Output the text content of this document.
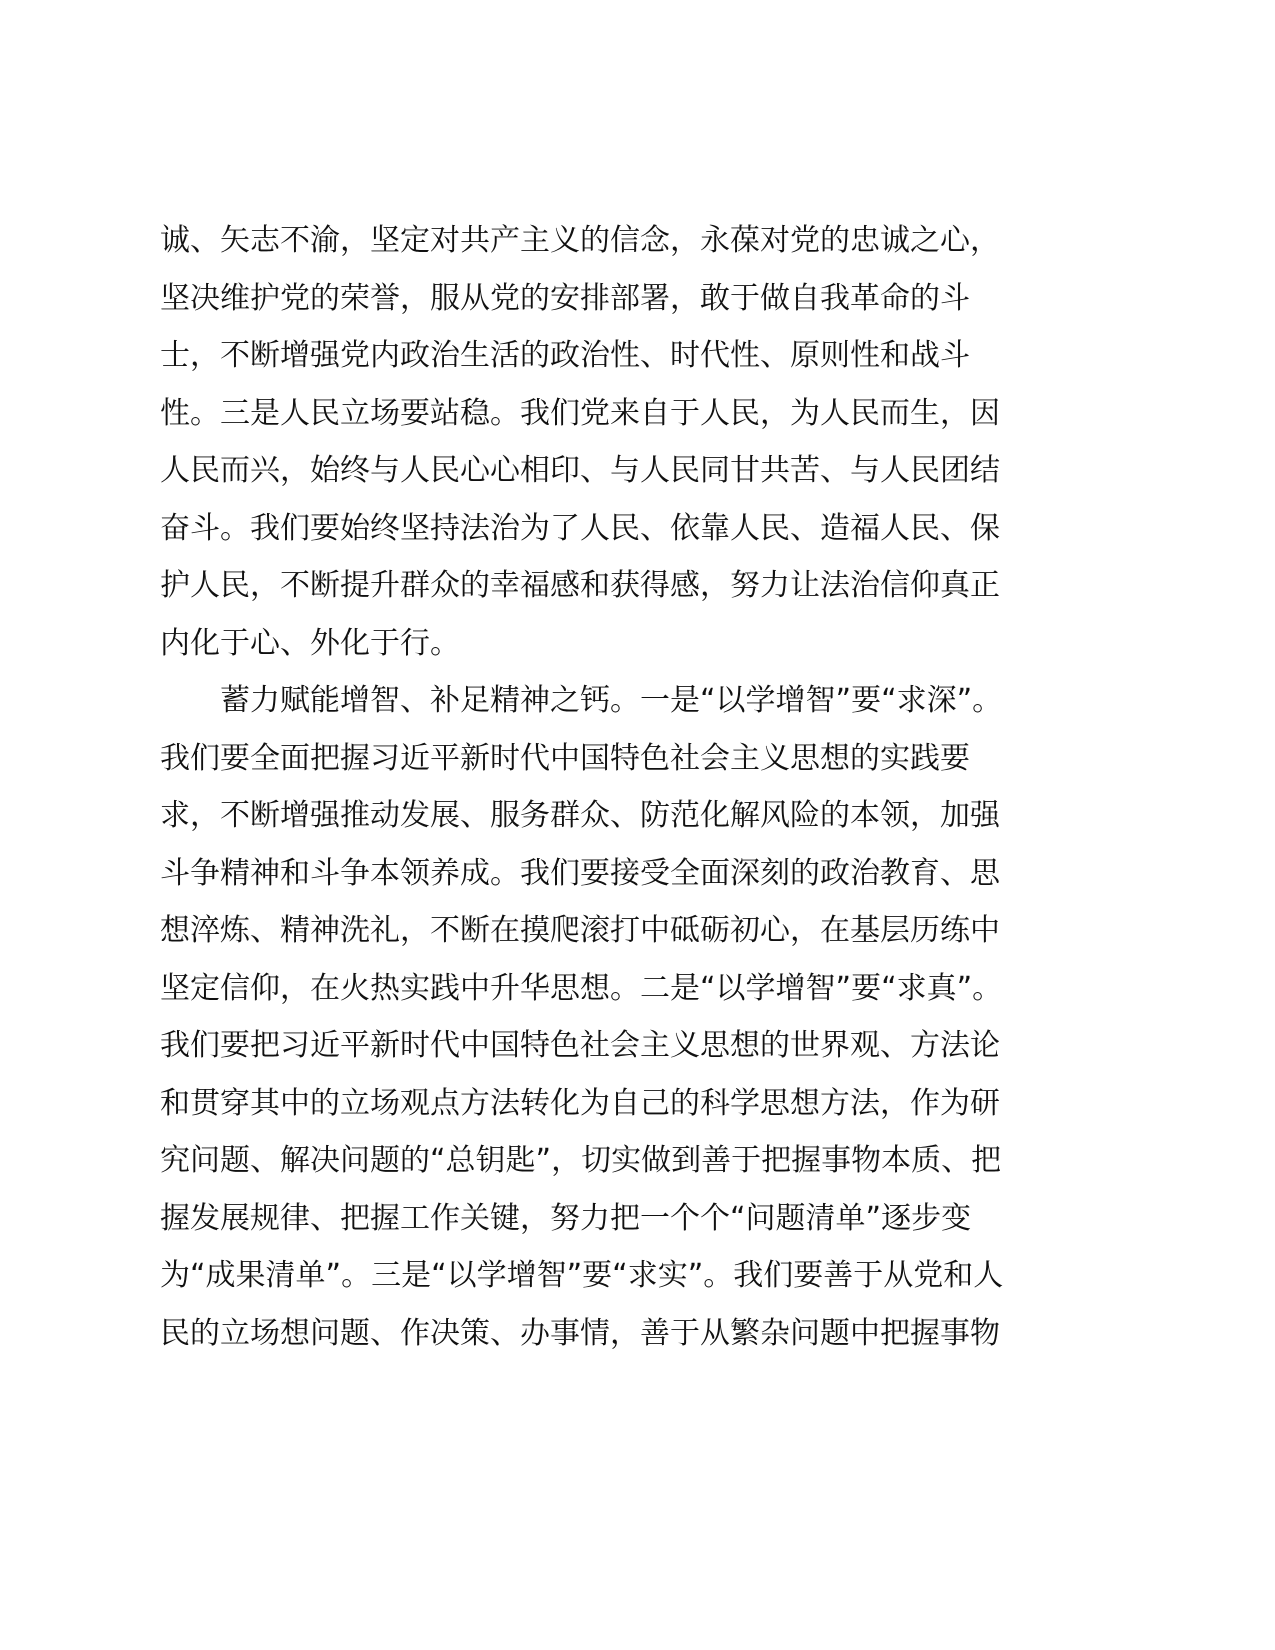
诚、矢志不渝，坚定对共产主义的信念，永葆对党的忠诚之心，
坚决维护党的荣誉，服从党的安排部署，敢于做自我革命的斗
士，不断增强党内政治生活的政治性、时代性、原则性和战斗
性。三是人民立场要站稳。我们党来自于人民，为人民而生，因
人民而兴，始终与人民心心相印、与人民同甘共苦、与人民团结
奋斗。我们要始终坚持法治为了人民、依靠人民、造福人民、保
护人民，不断提升群众的幸福感和获得感，努力让法治信仰真正
内化于心、外化于行。
蓄力赋能增智、补足精神之钙。一是“以学增智”要“求深”。
我们要全面把握习近平新时代中国特色社会主义思想的实践要
求，不断增强推动发展、服务群众、防范化解风险的本领，加强
斗争精神和斗争本领养成。我们要接受全面深刻的政治教育、思
想淬炼、精神洗礼，不断在摸爬滚打中砥砺初心，在基层历练中
坚定信仰，在火热实践中升华思想。二是“以学增智”要“求真”。
我们要把习近平新时代中国特色社会主义思想的世界观、方法论
和贯穿其中的立场观点方法转化为自己的科学思想方法，作为研
究问题、解决问题的“总钥匙”，切实做到善于把握事物本质、把
握发展规律、把握工作关键，努力把一个个“问题清单”逐步变
为“成果清单”。三是“以学增智”要“求实”。我们要善于从党和人
民的立场想问题、作决策、办事情，善于从繁杂问题中把握事物
